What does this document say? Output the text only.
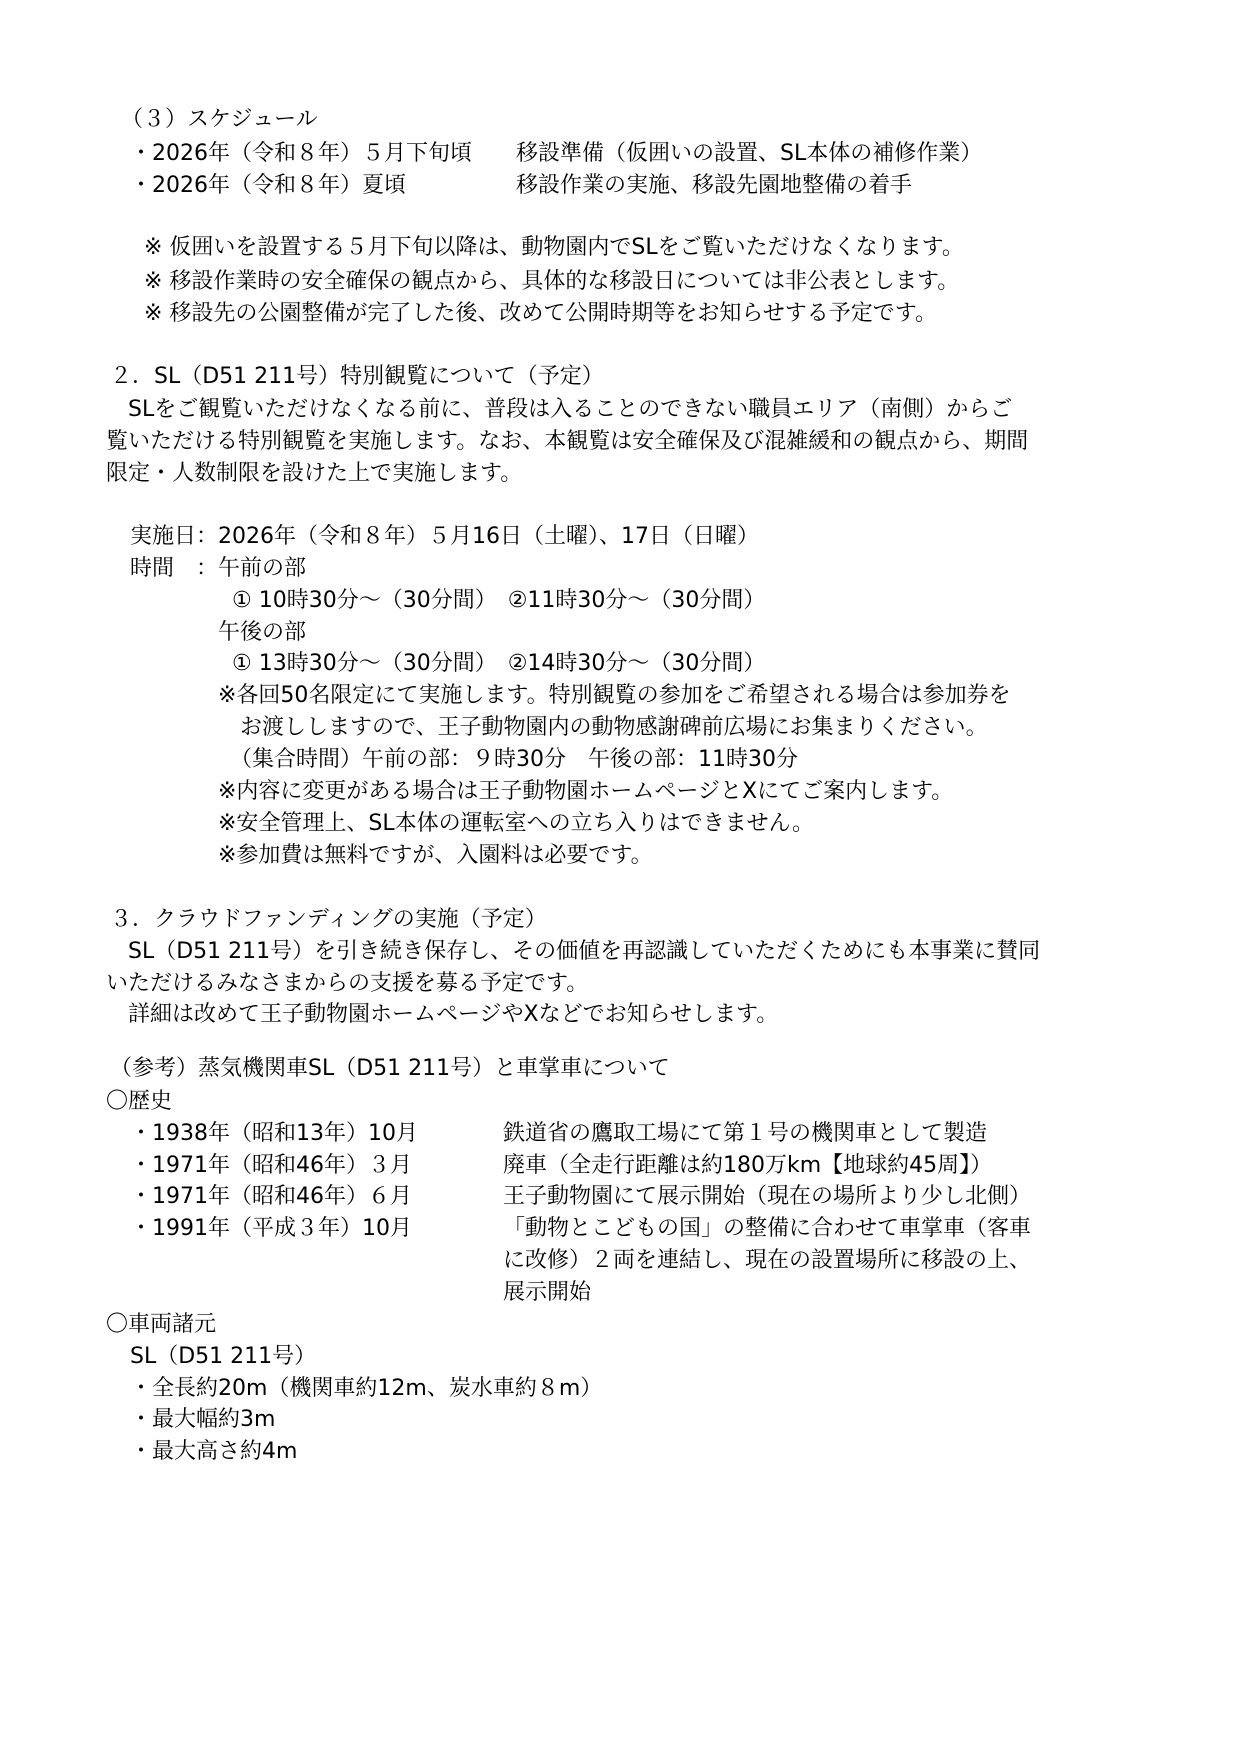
（３）スケジュール
・2026年（令和８年）５月下旬頃 移設準備（仮囲いの設置、SL本体の補修作業）
・2026年（令和８年）夏頃	移設作業の実施、移設先園地整備の着手
※ 仮囲いを設置する５月下旬以降は、動物園内でSLをご覧いただけなくなります。
※ 移設作業時の安全確保の観点から、具体的な移設日については非公表とします。
※ 移設先の公園整備が完了した後、改めて公開時期等をお知らせする予定です。
２．SL（D51 211号）特別観覧について（予定）
　SLをご観覧いただけなくなる前に、普段は入ることのできない職員エリア（南側）からご
覧いただける特別観覧を実施します。なお、本観覧は安全確保及び混雑緩和の観点から、期間
限定・人数制限を設けた上で実施します。
実施日：2026年（令和８年）５月16日（土曜）、17日（日曜）
時間　：午前の部
① 10時30分～（30分間）　②11時30分～（30分間）
午後の部
① 13時30分～（30分間）　②14時30分～（30分間）
※各回50名限定にて実施します。特別観覧の参加をご希望される場合は参加券を
お渡ししますので、王子動物園内の動物感謝碑前広場にお集まりください。
（集合時間）午前の部：９時30分　午後の部：11時30分
※内容に変更がある場合は王子動物園ホームページとXにてご案内します。
※安全管理上、SL本体の運転室への立ち入りはできません。
※参加費は無料ですが、入園料は必要です。
３．クラウドファンディングの実施（予定）
　SL（D51 211号）を引き続き保存し、その価値を再認識していただくためにも本事業に賛同
いただけるみなさまからの支援を募る予定です。
　詳細は改めて王子動物園ホームページやXなどでお知らせします。
（参考）蒸気機関車SL（D51 211号）と車掌車について
〇歴史
・1938年（昭和13年）10月	鉄道省の鷹取工場にて第１号の機関車として製造
・1971年（昭和46年）３月	廃車（全走行距離は約180万km【地球約45周】）
・1971年（昭和46年）６月	王子動物園にて展示開始（現在の場所より少し北側）
・1991年（平成３年）10月	「動物とこどもの国」の整備に合わせて車掌車（客車
に改修）２両を連結し、現在の設置場所に移設の上、
展示開始
〇車両諸元
SL（D51 211号）
・全長約20m（機関車約12m、炭水車約８m）
・最大幅約3m
・最大高さ約4m
